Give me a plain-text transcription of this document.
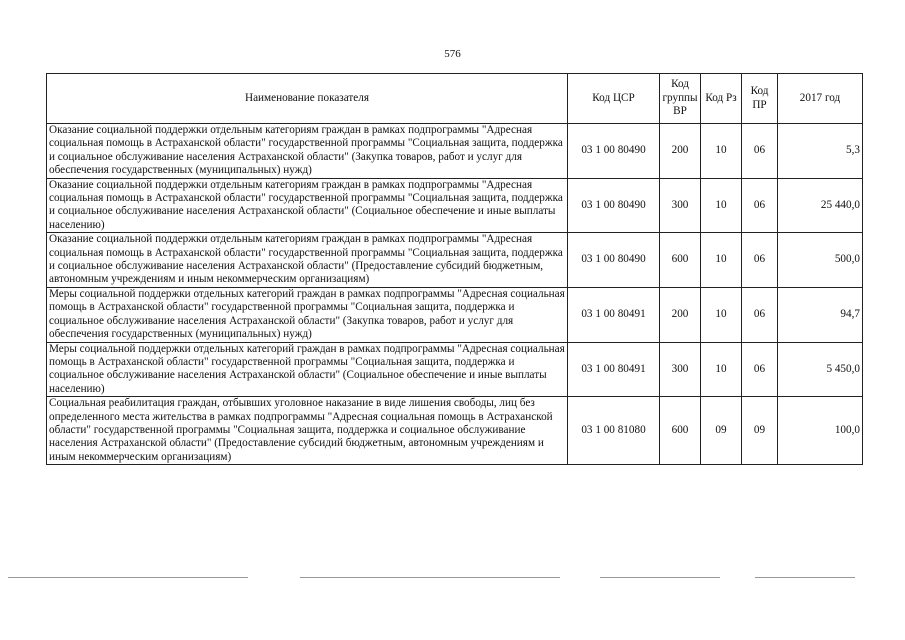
576
Наименование показателя	Код ЦСР	Код группы ВР	Код Рз	Код ПР	2017 год
Оказание социальной поддержки отдельным категориям граждан в рамках подпрограммы "Адресная социальная помощь в Астраханской области" государственной программы "Социальная защита, поддержка и социальное обслуживание населения Астраханской области" (Закупка товаров, работ и услуг для обеспечения государственных (муниципальных) нужд)	03 1 00 80490	200	10	06	5,3
Оказание социальной поддержки отдельным категориям граждан в рамках подпрограммы "Адресная социальная помощь в Астраханской области" государственной программы "Социальная защита, поддержка и социальное обслуживание населения Астраханской области" (Социальное обеспечение и иные выплаты населению)	03 1 00 80490	300	10	06	25 440,0
Оказание социальной поддержки отдельным категориям граждан в рамках подпрограммы "Адресная социальная помощь в Астраханской области" государственной программы "Социальная защита, поддержка и социальное обслуживание населения Астраханской области" (Предоставление субсидий бюджетным, автономным учреждениям и иным некоммерческим организациям)	03 1 00 80490	600	10	06	500,0
Меры социальной поддержки отдельных категорий граждан в рамках подпрограммы "Адресная социальная помощь в Астраханской области" государственной программы "Социальная защита, поддержка и социальное обслуживание населения Астраханской области" (Закупка товаров, работ и услуг для обеспечения государственных (муниципальных) нужд)	03 1 00 80491	200	10	06	94,7
Меры социальной поддержки отдельных категорий граждан в рамках подпрограммы "Адресная социальная помощь в Астраханской области" государственной программы "Социальная защита, поддержка и социальное обслуживание населения Астраханской области" (Социальное обеспечение и иные выплаты населению)	03 1 00 80491	300	10	06	5 450,0
Социальная реабилитация граждан, отбывших уголовное наказание в виде лишения свободы, лиц без определенного места жительства в рамках подпрограммы "Адресная социальная помощь в Астраханской области" государственной программы "Социальная защита, поддержка и социальное обслуживание населения Астраханской области" (Предоставление субсидий бюджетным, автономным учреждениям и иным некоммерческим организациям)	03 1 00 81080	600	09	09	100,0
